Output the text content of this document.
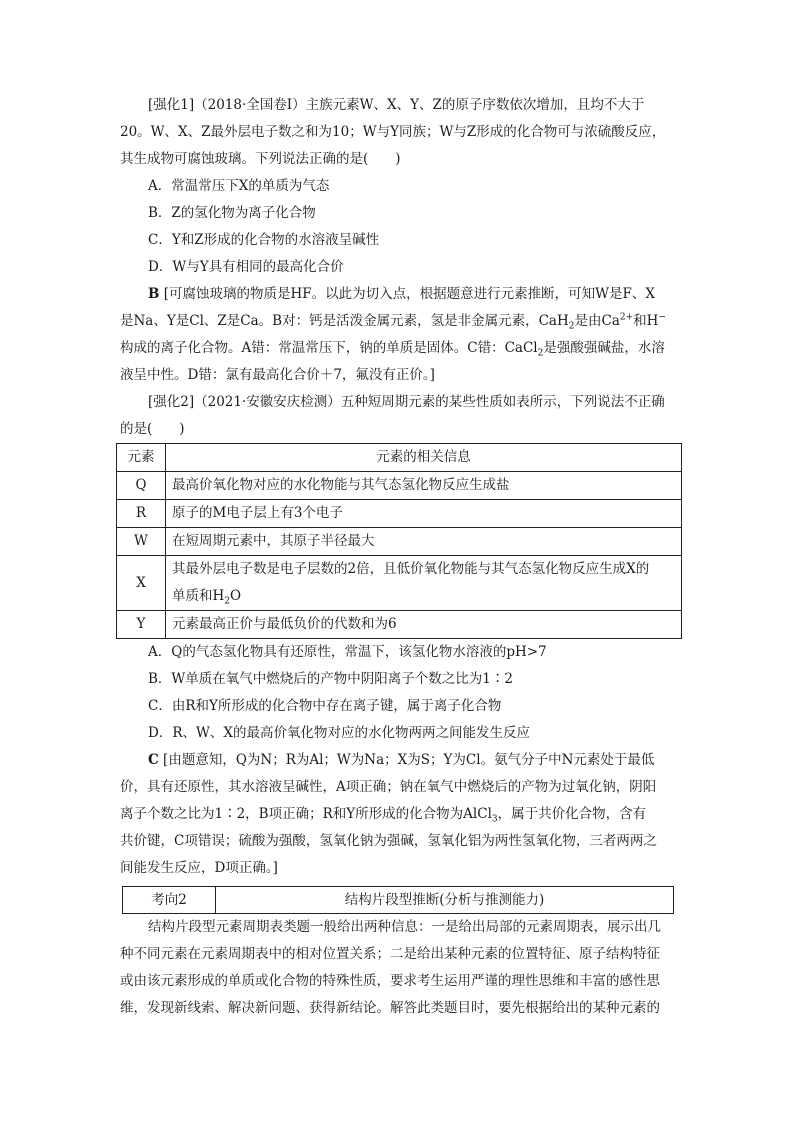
[强化1]（2018·全国卷Ⅰ）主族元素W、X、Y、Z的原子序数依次增加，且均不大于

20。W、X、Z最外层电子数之和为10；W与Y同族；W与Z形成的化合物可与浓硫酸反应，

其生成物可腐蚀玻璃。下列说法正确的是(　　)

A．常温常压下X的单质为气态
B．Z的氢化物为离子化合物
C．Y和Z形成的化合物的水溶液呈碱性
D．W与Y具有相同的最高化合价

B [可腐蚀玻璃的物质是HF。以此为切入点，根据题意进行元素推断，可知W是F、X

是Na、Y是Cl、Z是Ca。B对：钙是活泼金属元素，氢是非金属元素，CaH$_2$是由$Ca^{2+}$和H−

构成的离子化合物。A错：常温常压下，钠的单质是固体。C错：CaCl$_2$是强酸强碱盐，水溶

液呈中性。D错：氯有最高化合价＋7，氟没有正价。]

[强化2]（2021·安徽安庆检测）五种短周期元素的某些性质如表所示，下列说法不正确

的是(　　)

元素	元素的相关信息
Q	最高价氧化物对应的水化物能与其气态氢化物反应生成盐
R	原子的M电子层上有3个电子
W	在短周期元素中，其原子半径最大
X	其最外层电子数是电子层数的2倍，且低价氧化物能与其气态氢化物反应生成X的
单质和$H_2O$
Y	元素最高正价与最低负价的代数和为6
A．Q的气态氢化物具有还原性，常温下，该氢化物水溶液的pH>7
B．W单质在氧气中燃烧后的产物中阴阳离子个数之比为1∶2
C．由R和Y所形成的化合物中存在离子键，属于离子化合物
D．R、W、X的最高价氧化物对应的水化物两两之间能发生反应

C [由题意知，Q为N；R为Al；W为Na；X为S；Y为Cl。氨气分子中N元素处于最低

价，具有还原性，其水溶液呈碱性，A项正确；钠在氧气中燃烧后的产物为过氧化钠，阴阳

离子个数之比为1∶2，B项正确；R和Y所形成的化合物为AlCl$_3$，属于共价化合物，含有

共价键，C项错误；硫酸为强酸，氢氧化钠为强碱，氢氧化铝为两性氢氧化物，三者两两之

间能发生反应，D项正确。]

考向2	结构片段型推断(分析与推测能力)

结构片段型元素周期表类题一般给出两种信息：一是给出局部的元素周期表，展示出几

种不同元素在元素周期表中的相对位置关系；二是给出某种元素的位置特征、原子结构特征

或由该元素形成的单质或化合物的特殊性质，要求考生运用严谨的理性思维和丰富的感性思

维，发现新线索、解决新问题、获得新结论。解答此类题目时，要先根据给出的某种元素的
